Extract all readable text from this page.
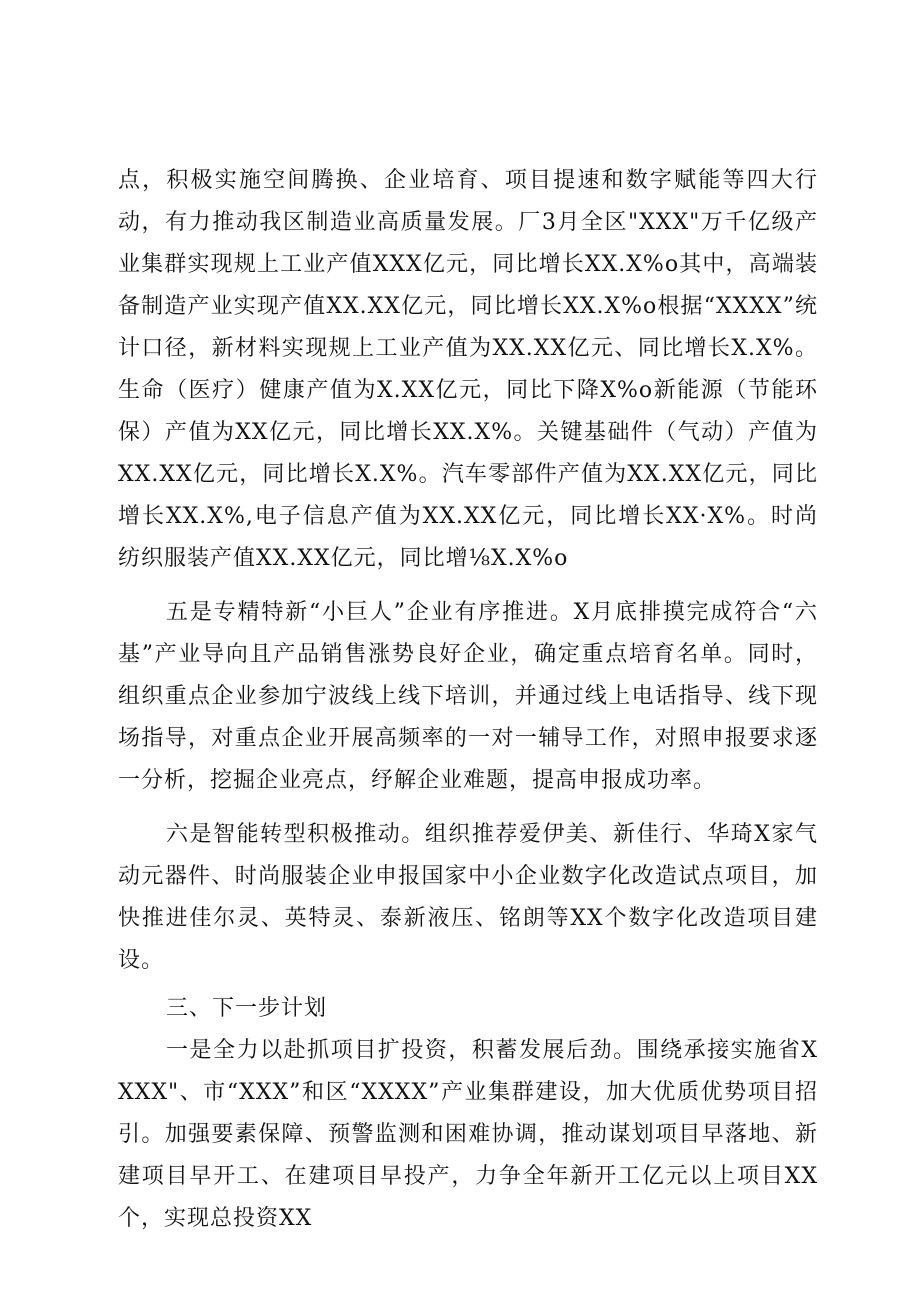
点，积极实施空间腾换、企业培育、项目提速和数字赋能等四大行动，有力推动我区制造业高质量发展。厂3月全区"XXX"万千亿级产业集群实现规上工业产值XXX亿元，同比增长XX.X%o其中，高端装备制造产业实现产值XX.XX亿元，同比增长XX.X%o根据“XXXX”统计口径，新材料实现规上工业产值为XX.XX亿元、同比增长X.X%。生命（医疗）健康产值为X.XX亿元，同比下降X%o新能源（节能环保）产值为XX亿元，同比增长XX.X%。关键基础件（气动）产值为XX.XX亿元，同比增长X.X%。汽车零部件产值为XX.XX亿元，同比增长XX.X%,电子信息产值为XX.XX亿元，同比增长XX·X%。时尚纺织服装产值XX.XX亿元，同比增⅛X.X%o

五是专精特新“小巨人”企业有序推进。X月底排摸完成符合“六基”产业导向且产品销售涨势良好企业，确定重点培育名单。同时，组织重点企业参加宁波线上线下培训，并通过线上电话指导、线下现场指导，对重点企业开展高频率的一对一辅导工作，对照申报要求逐一分析，挖掘企业亮点，纾解企业难题，提高申报成功率。

六是智能转型积极推动。组织推荐爱伊美、新佳行、华琦X家气动元器件、时尚服装企业申报国家中小企业数字化改造试点项目，加快推进佳尔灵、英特灵、泰新液压、铭朗等XX个数字化改造项目建设。

三、下一步计划

一是全力以赴抓项目扩投资，积蓄发展后劲。围绕承接实施省XXXX"、市“XXX”和区“XXXX”产业集群建设，加大优质优势项目招引。加强要素保障、预警监测和困难协调，推动谋划项目早落地、新建项目早开工、在建项目早投产，力争全年新开工亿元以上项目XX个，实现总投资XX
